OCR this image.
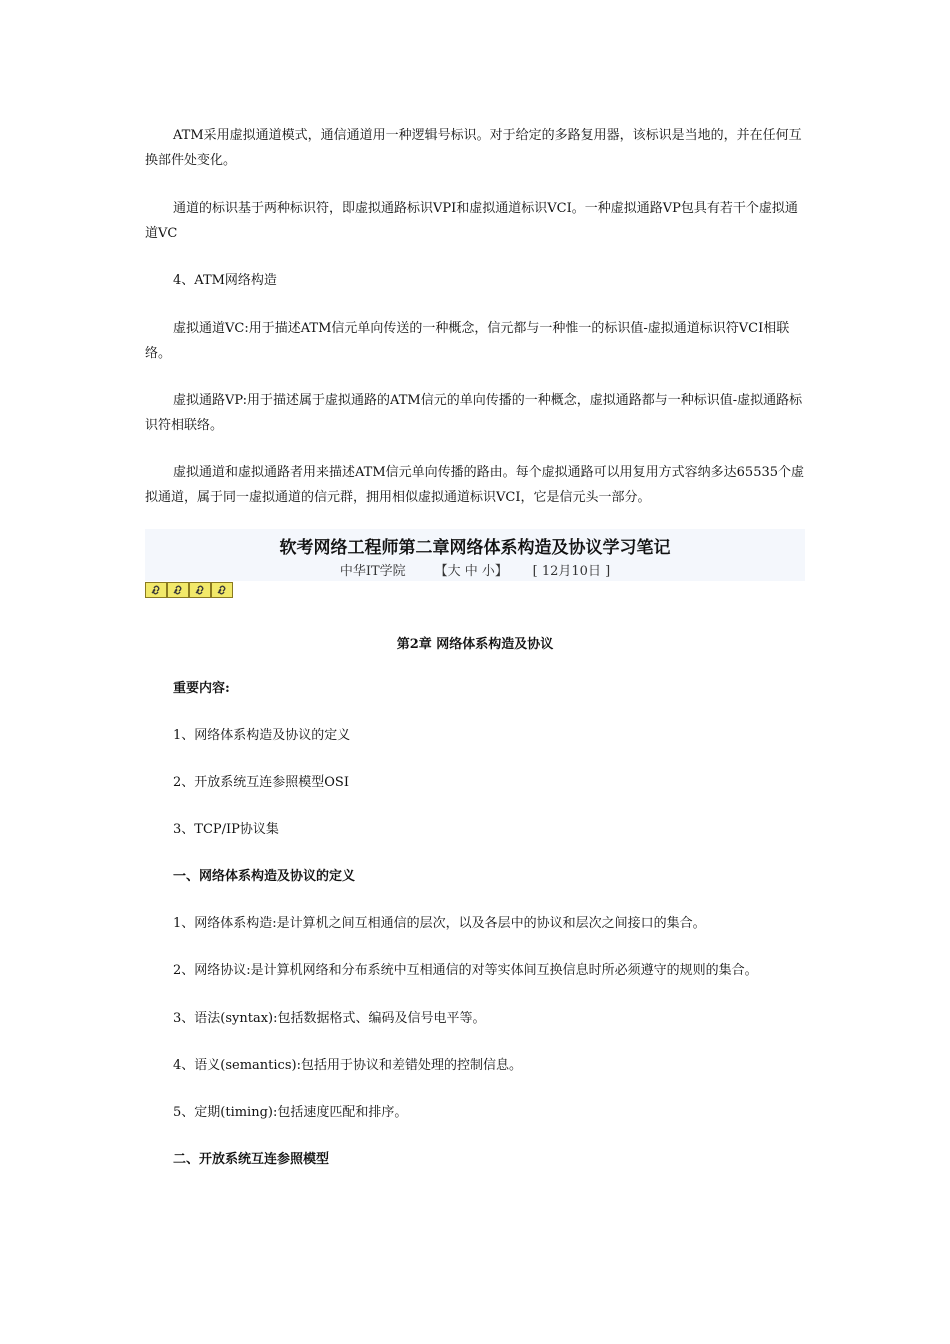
ATM采用虚拟通道模式，通信通道用一种逻辑号标识。对于给定的多路复用器，该标识是当地的，并在任何互换部件处变化。

通道的标识基于两种标识符，即虚拟通路标识VPI和虚拟通道标识VCI。一种虚拟通路VP包具有若干个虚拟通道VC

4、ATM网络构造

虚拟通道VC:用于描述ATM信元单向传送的一种概念，信元都与一种惟一的标识值-虚拟通道标识符VCI相联络。

虚拟通路VP:用于描述属于虚拟通路的ATM信元的单向传播的一种概念，虚拟通路都与一种标识值-虚拟通路标识符相联络。

虚拟通道和虚拟通路者用来描述ATM信元单向传播的路由。每个虚拟通路可以用复用方式容纳多达65535个虚拟通道，属于同一虚拟通道的信元群，拥用相似虚拟通道标识VCI，它是信元头一部分。

软考网络工程师第二章网络体系构造及协议学习笔记
中华IT学院 【大 中 小】 [ 12月10日 ]

第2章 网络体系构造及协议

重要内容:

1、网络体系构造及协议的定义

2、开放系统互连参照模型OSI

3、TCP/IP协议集

一、网络体系构造及协议的定义

1、网络体系构造:是计算机之间互相通信的层次，以及各层中的协议和层次之间接口的集合。

2、网络协议:是计算机网络和分布系统中互相通信的对等实体间互换信息时所必须遵守的规则的集合。

3、语法(syntax):包括数据格式、编码及信号电平等。

4、语义(semantics):包括用于协议和差错处理的控制信息。

5、定期(timing):包括速度匹配和排序。

二、开放系统互连参照模型
